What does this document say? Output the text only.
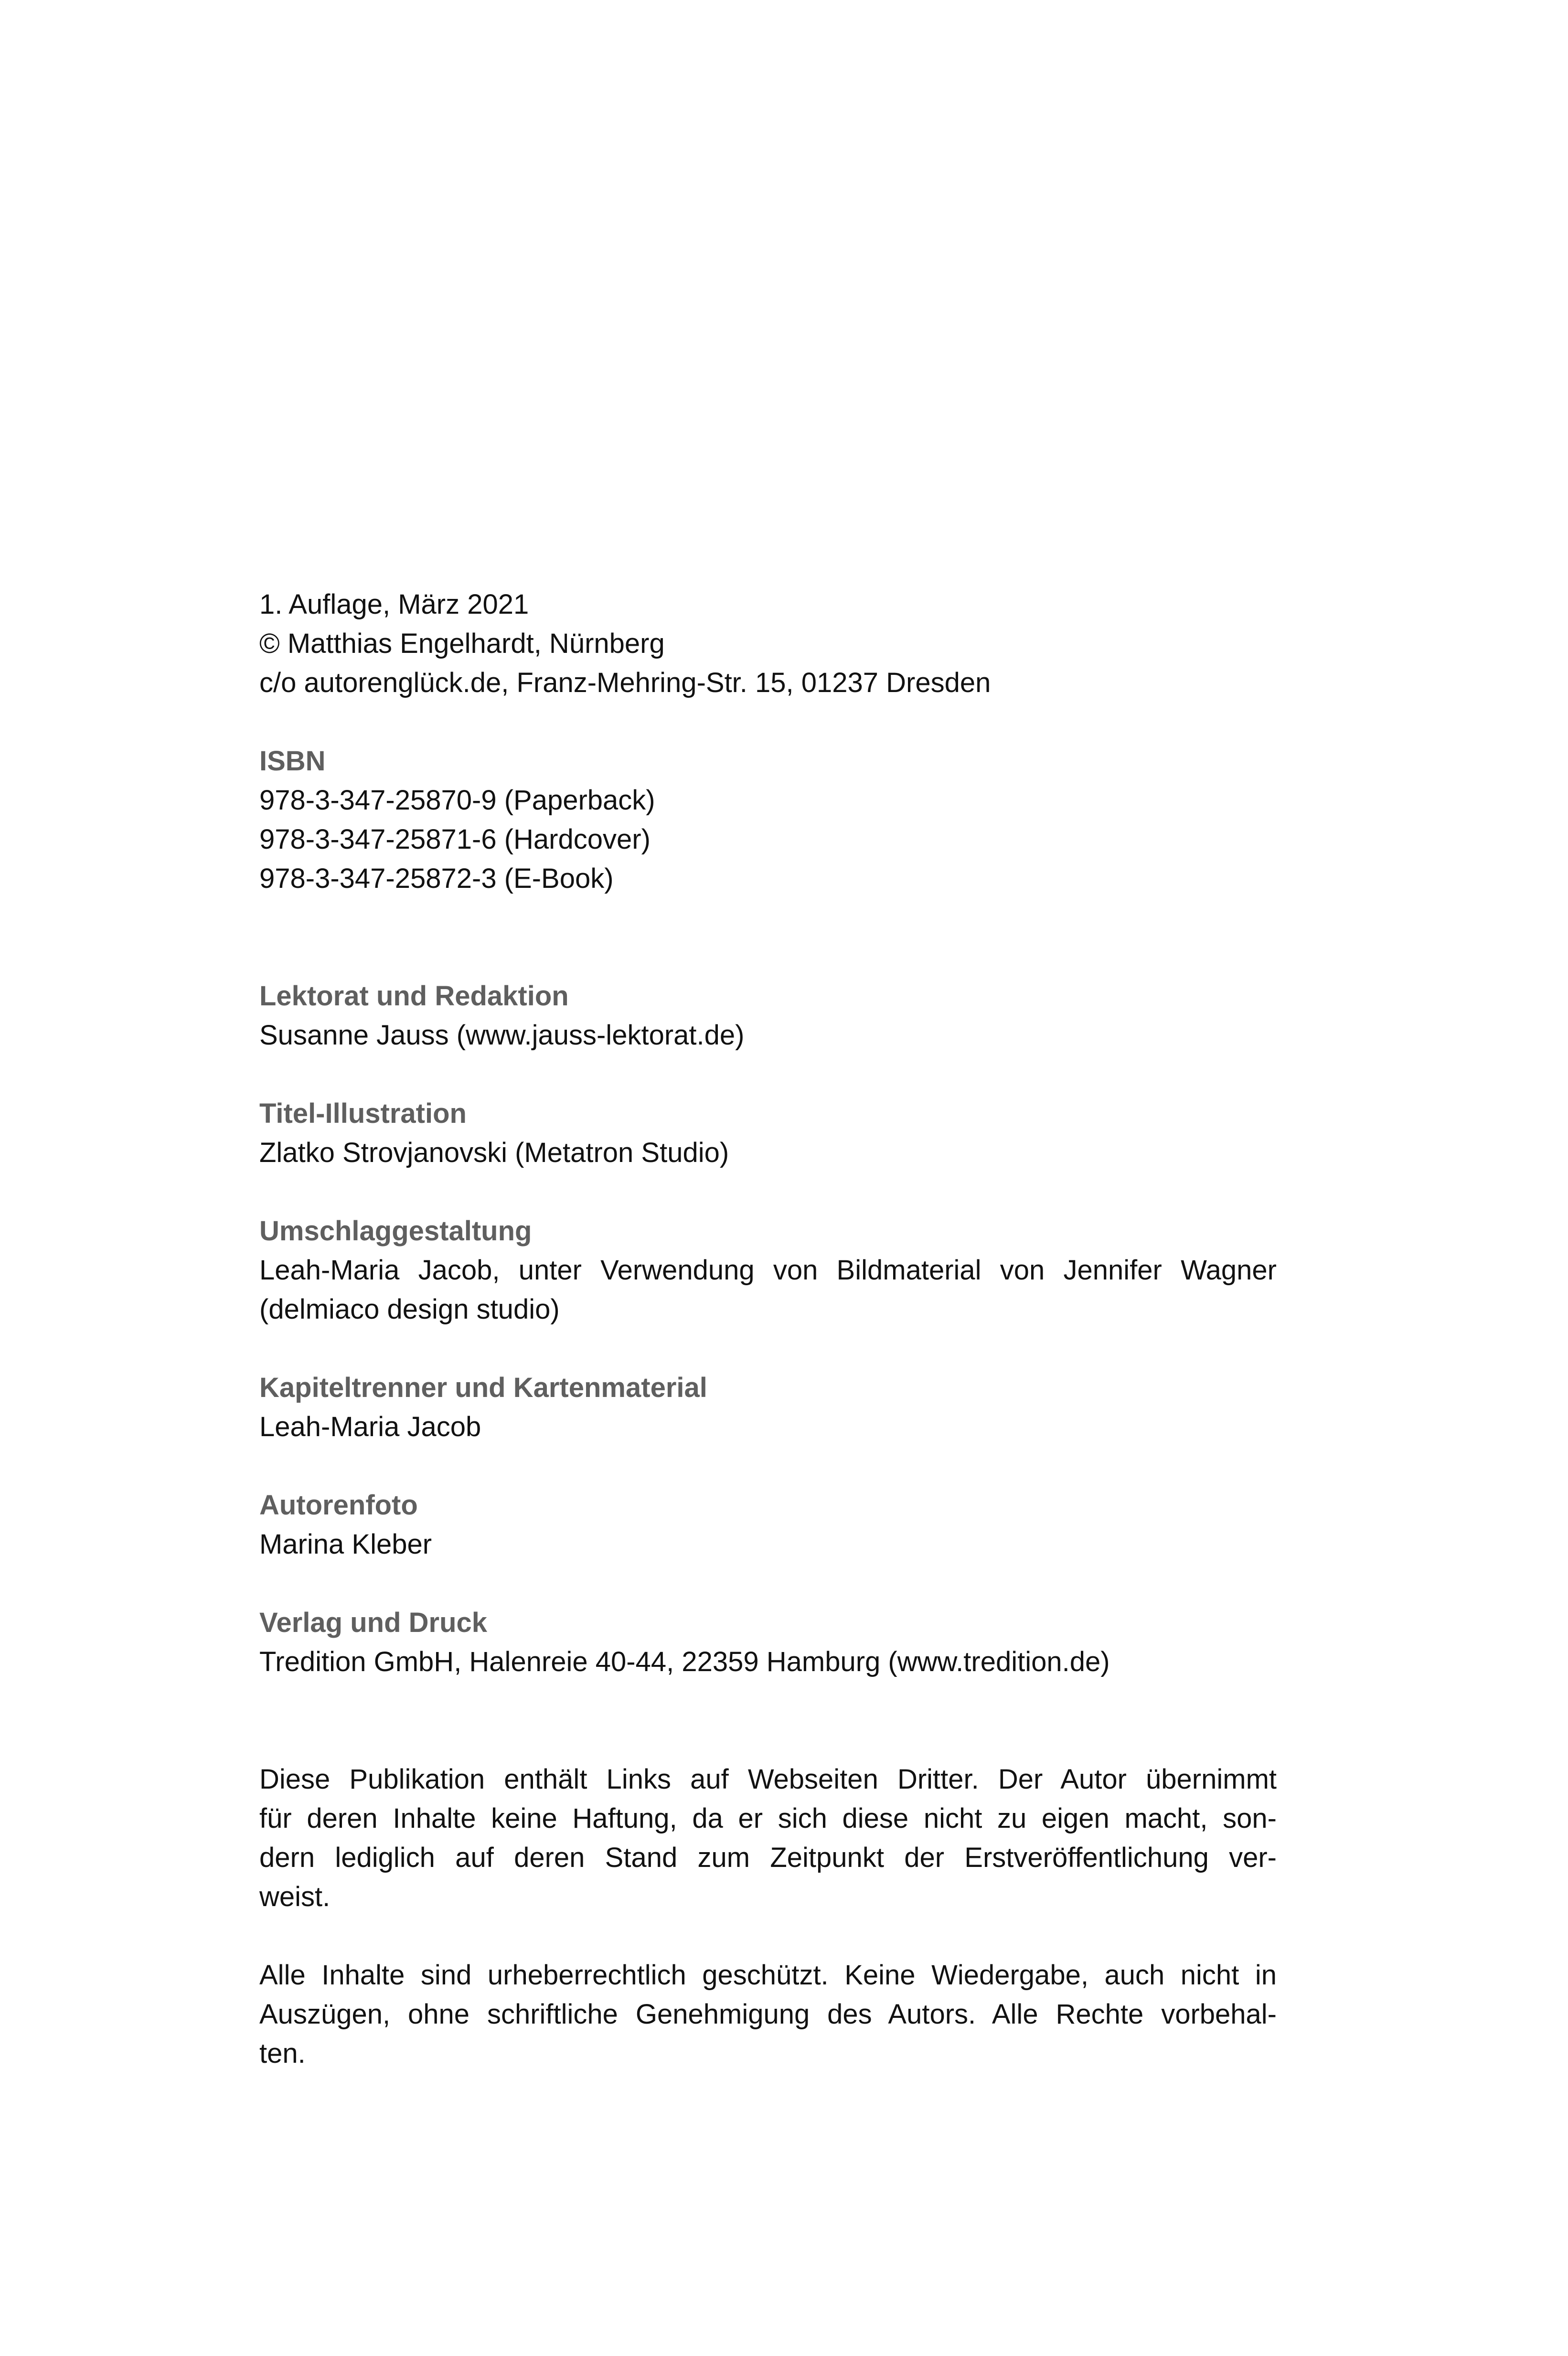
1. Auflage, März 2021
© Matthias Engelhardt, Nürnberg
c/o autorenglück.de, Franz-Mehring-Str. 15, 01237 Dresden
ISBN
978-3-347-25870-9 (Paperback)
978-3-347-25871-6 (Hardcover)
978-3-347-25872-3 (E-Book)
Lektorat und Redaktion
Susanne Jauss (www.jauss-lektorat.de)
Titel-Illustration
Zlatko Strovjanovski (Metatron Studio)
Umschlaggestaltung
Leah-Maria Jacob, unter Verwendung von Bildmaterial von Jennifer Wagner
(delmiaco design studio)
Kapiteltrenner und Kartenmaterial
Leah-Maria Jacob
Autorenfoto
Marina Kleber
Verlag und Druck
Tredition GmbH, Halenreie 40-44, 22359 Hamburg (www.tredition.de)
Diese Publikation enthält Links auf Webseiten Dritter. Der Autor übernimmt
für deren Inhalte keine Haftung, da er sich diese nicht zu eigen macht, son-
dern lediglich auf deren Stand zum Zeitpunkt der Erstveröffentlichung ver-
weist.
Alle Inhalte sind urheberrechtlich geschützt. Keine Wiedergabe, auch nicht in
Auszügen, ohne schriftliche Genehmigung des Autors. Alle Rechte vorbehal-
ten.
